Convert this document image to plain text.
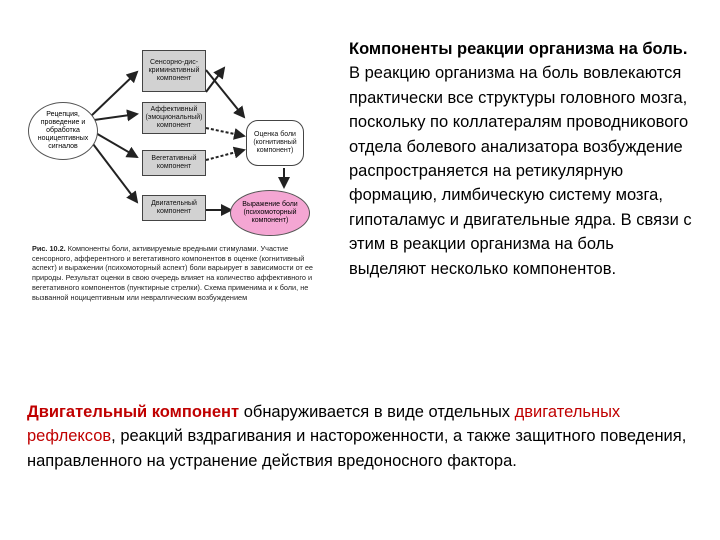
Сенсорно-дис-криминативный компонент
Аффективный (эмоциональный) компонент
Вегетативный компонент
Двигательный компонент
Рецепция, проведение и обработка ноцицептивных сигналов
Оценка боли (когнитивный компонент)
Выражение боли (психомоторный компонент)
Рис. 10.2. Компоненты боли, активируемые вредными стимулами. Участие сенсорного, афферентного и вегетативного компонентов в оценке (когнитивный аспект) и выражении (психомоторный аспект) боли варьирует в зависимости от ее природы. Результат оценки в свою очередь влияет на количество аффективного и вегетативного компонентов (пунктирные стрелки). Схема применима и к боли, не вызванной ноцицептивным или невралгическим возбуждением
Компоненты реакции организма на боль.
В реакцию организма на боль вовлекаются практически все структуры головного мозга, поскольку по коллатералям проводникового отдела болевого анализатора возбуждение распространяется на ретикулярную формацию, лимбическую систему мозга, гипоталамус и двигательные ядра. В связи с этим в реакции организма на боль выделяют несколько компонентов.
Двигательный компонент обнаруживается в виде отдельных двигательных рефлексов, реакций вздрагивания и настороженности, а также защитного поведения, направленного на устранение действия вредоносного фактора.
